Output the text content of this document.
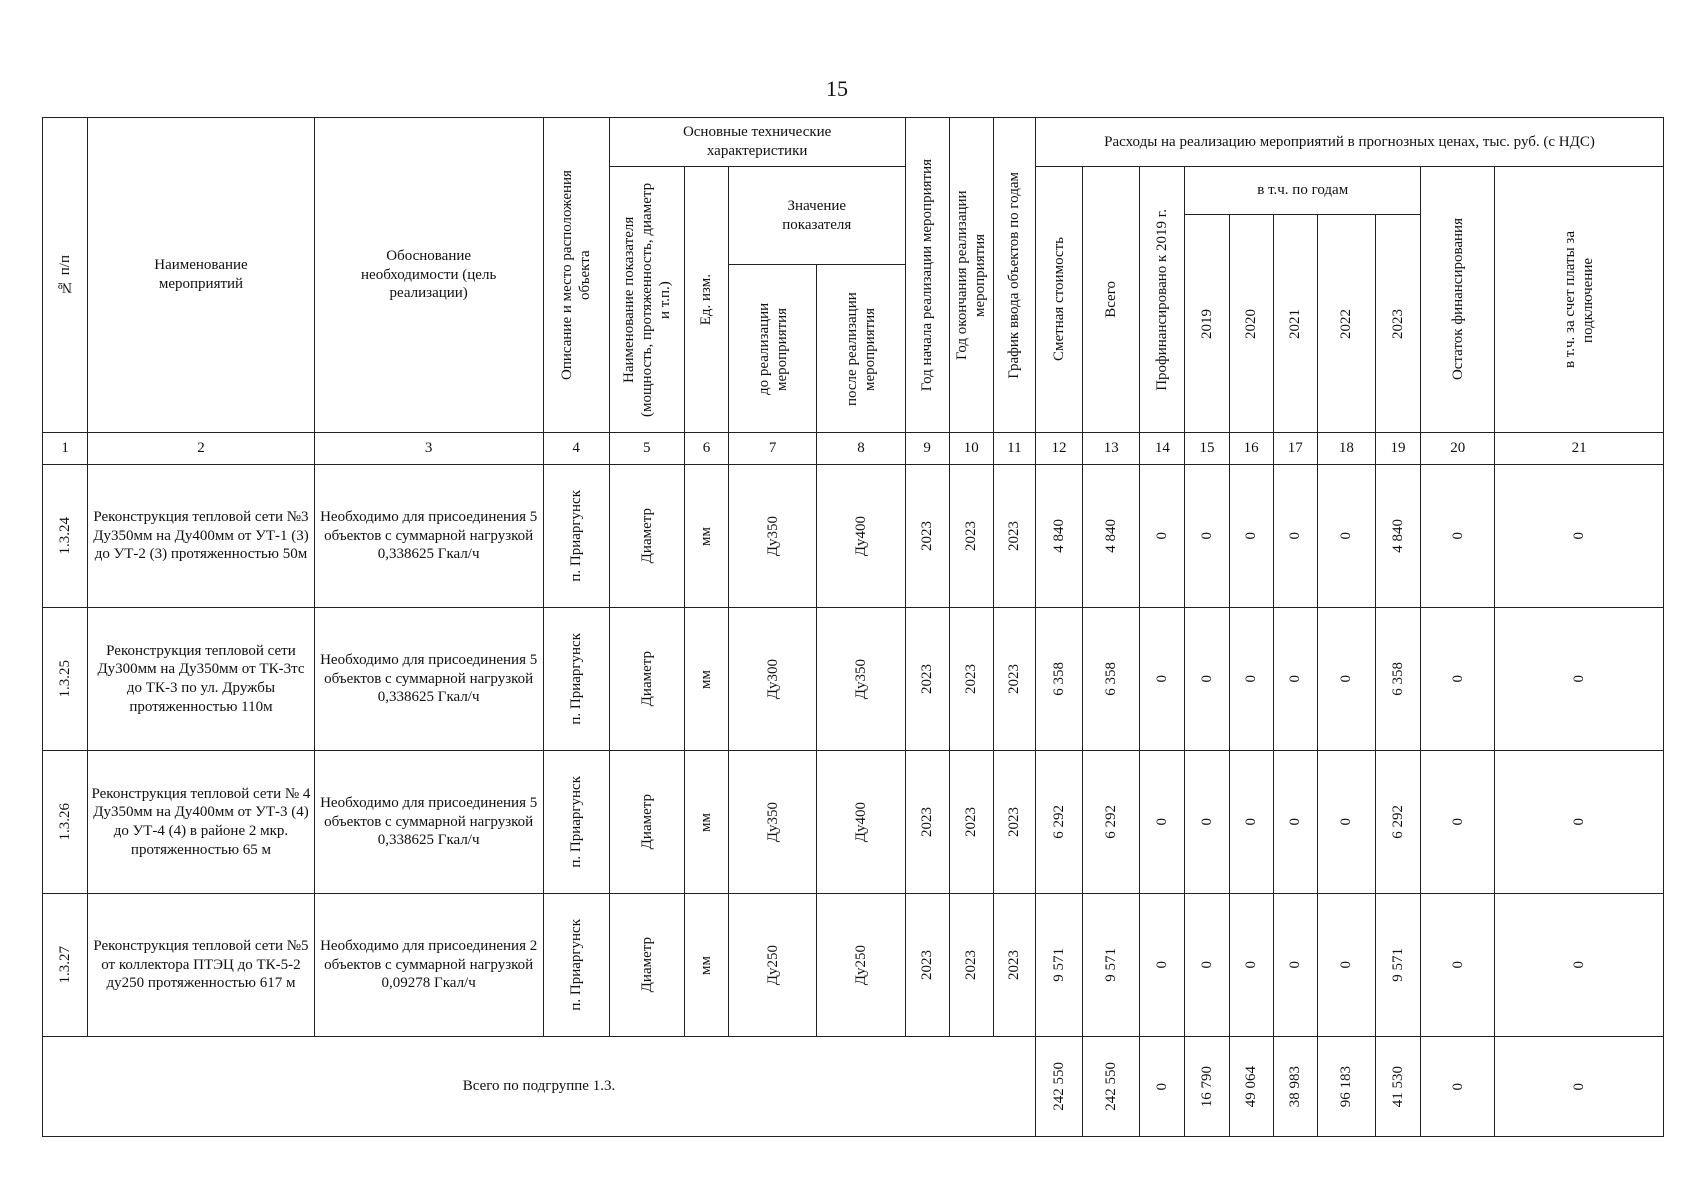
15
№ п/п	Наименование мероприятий	Обоснование необходимости (цель реализации)	Описание и место расположения объекта	Основные технические характеристики				Год начала реализации мероприятия	Год окончания реализации мероприятия	График ввода объектов по годам	Расходы на реализацию мероприятий в прогнозных ценах, тыс. руб. (с НДС)									

				Наименование показателя (мощность, протяженность, диаметр и т.п.)	Ед. изм.	Значение показателя					Сметная стоимость	Всего	Профинансировано к 2019 г.	в т.ч. по годам					Остаток финансирования	в т.ч. за счет платы за подключение

														2019	2020	2021	2022	2023		

						до реализации мероприятия	после реализации мероприятия													

1	2	3	4	5	6	7	8	9	10	11	12	13	14	15	16	17	18	19	20	21

1.3.24	Реконструкция тепловой сети №3 Ду350мм на Ду400мм от УТ-1 (3) до УТ-2 (3) протяженностью 50м	Необходимо для присоединения 5 объектов с суммарной нагрузкой 0,338625 Гкал/ч	п. Приаргунск	Диаметр	мм	Ду350	Ду400	2023	2023	2023	4 840	4 840	0	0	0	0	0	4 840	0	0

1.3.25	Реконструкция тепловой сети Ду300мм на Ду350мм от ТК-3тс до ТК-3 по ул. Дружбы протяженностью 110м	Необходимо для присоединения 5 объектов с суммарной нагрузкой 0,338625 Гкал/ч	п. Приаргунск	Диаметр	мм	Ду300	Ду350	2023	2023	2023	6 358	6 358	0	0	0	0	0	6 358	0	0

1.3.26	Реконструкция тепловой сети № 4 Ду350мм на Ду400мм от УТ-3 (4) до УТ-4 (4) в районе 2 мкр. протяженностью 65 м	Необходимо для присоединения 5 объектов с суммарной нагрузкой 0,338625 Гкал/ч	п. Приаргунск	Диаметр	мм	Ду350	Ду400	2023	2023	2023	6 292	6 292	0	0	0	0	0	6 292	0	0

1.3.27	Реконструкция тепловой сети №5 от коллектора ПТЭЦ до ТК-5-2 ду250 протяженностью 617 м	Необходимо для присоединения 2 объектов с суммарной нагрузкой 0,09278 Гкал/ч	п. Приаргунск	Диаметр	мм	Ду250	Ду250	2023	2023	2023	9 571	9 571	0	0	0	0	0	9 571	0	0

Всего по подгруппе 1.3.											242 550	242 550	0	16 790	49 064	38 983	96 183	41 530	0	0
